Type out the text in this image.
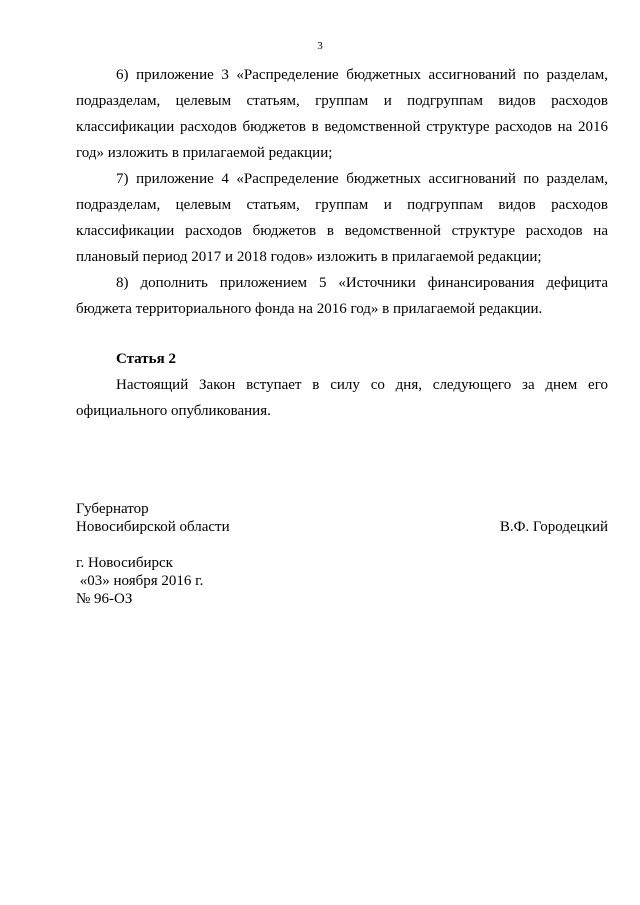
3

6) приложение 3 «Распределение бюджетных ассигнований по разделам, подразделам, целевым статьям, группам и подгруппам видов расходов классификации расходов бюджетов в ведомственной структуре расходов на 2016 год» изложить в прилагаемой редакции;

7) приложение 4 «Распределение бюджетных ассигнований по разделам, подразделам, целевым статьям, группам и подгруппам видов расходов классификации расходов бюджетов в ведомственной структуре расходов на плановый период 2017 и 2018 годов» изложить в прилагаемой редакции;

8) дополнить приложением 5 «Источники финансирования дефицита бюджета территориального фонда на 2016 год» в прилагаемой редакции.

Статья 2

Настоящий Закон вступает в силу со дня, следующего за днем его официального опубликования.

Губернатор
Новосибирской области	В.Ф. Городецкий
г. Новосибирск
«03» ноября 2016 г.
№ 96-ОЗ
